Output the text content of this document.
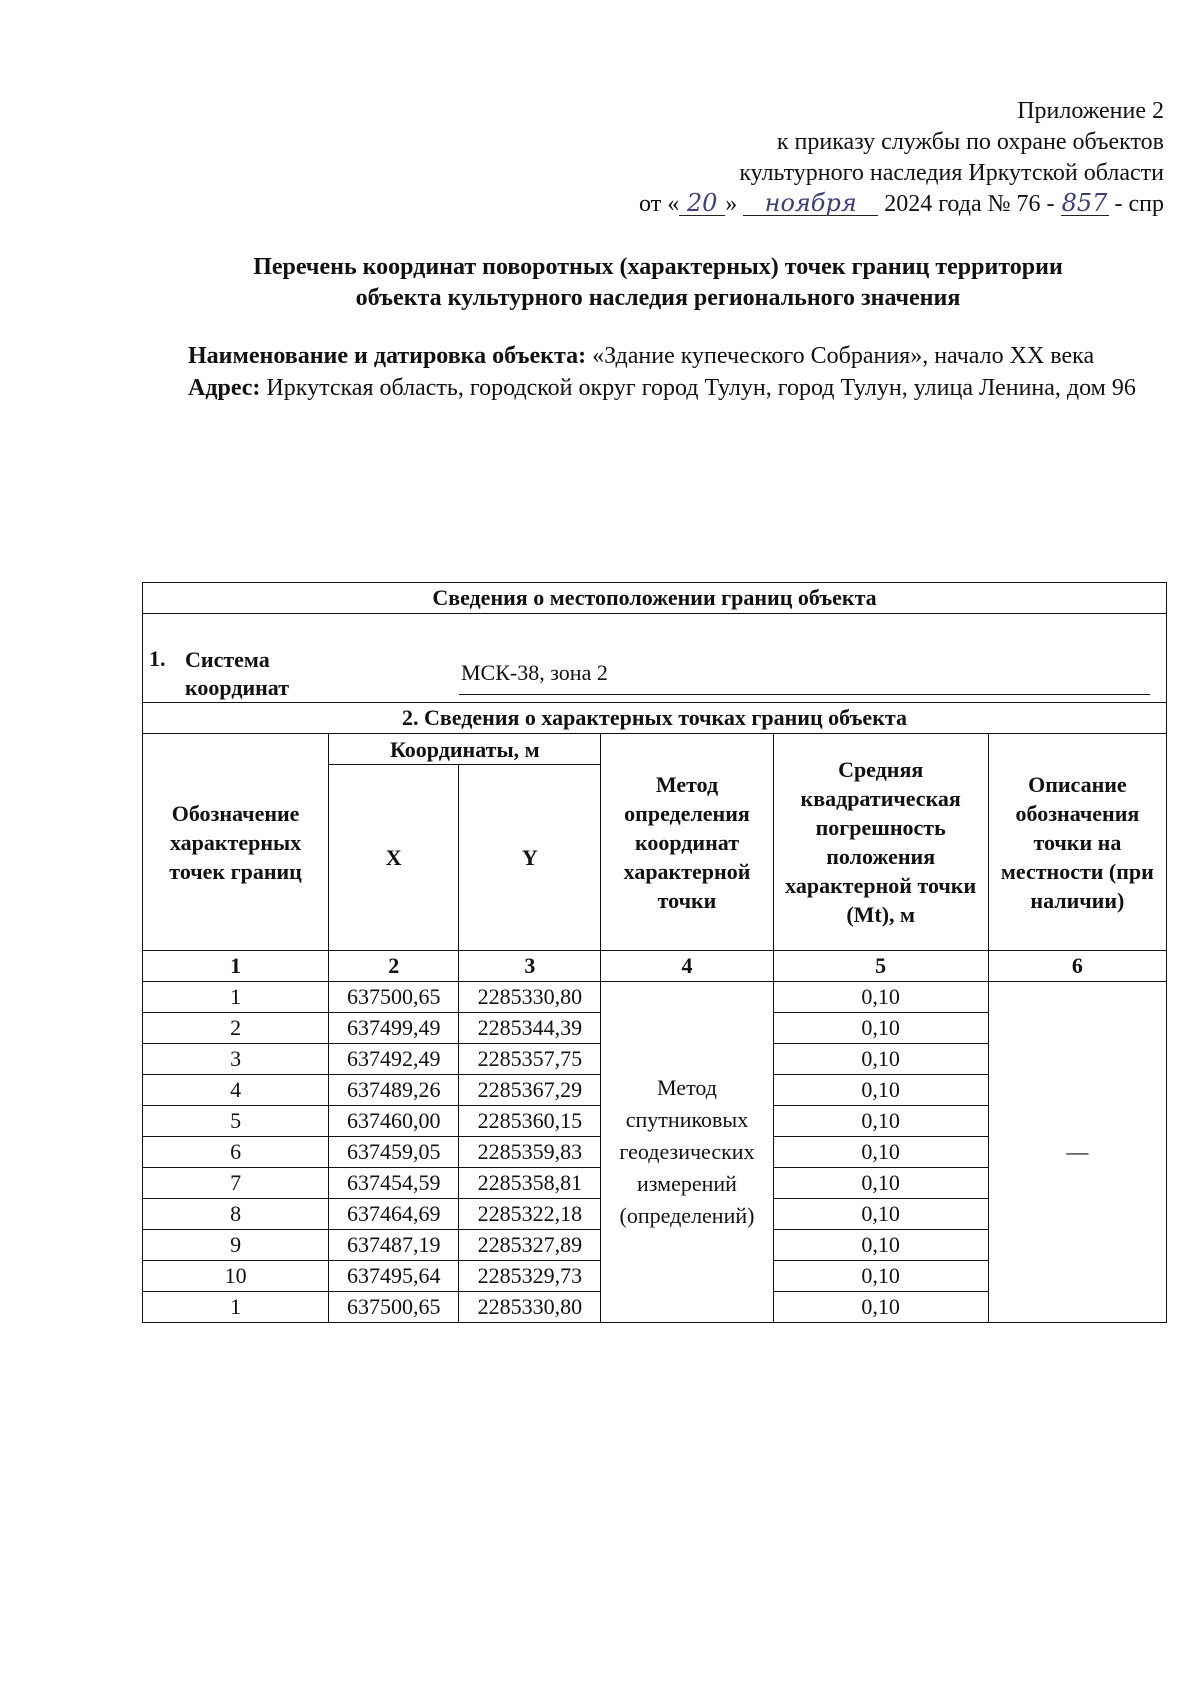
Приложение 2
к приказу службы по охране объектов
культурного наследия Иркутской области
от « 20 » ноября 2024 года № 76 - 857 - спр
Перечень координат поворотных (характерных) точек границ территории
объекта культурного наследия регионального значения

Наименование и датировка объекта: «Здание купеческого Собрания», начало XX века

Адрес: Иркутская область, городской округ город Тулун, город Тулун, улица Ленина, дом 96

Сведения о местоположении границ объекта					

1. Система координат
МСК-38, зона 2					

2. Сведения о характерных точках границ объекта					
Обозначение характерных точек границ	Координаты, м		Метод определения координат характерной точки	Средняя квадратическая погрешность положения характерной точки (Mt), м	Описание обозначения точки на местности (при наличии)
	X	Y			
1	2	3	4	5	6
1	637500,65	2285330,80	Метод спутниковых геодезических измерений (определений)	0,10	—
2	637499,49	2285344,39		0,10	
3	637492,49	2285357,75		0,10	
4	637489,26	2285367,29		0,10	
5	637460,00	2285360,15		0,10	
6	637459,05	2285359,83		0,10	
7	637454,59	2285358,81		0,10	
8	637464,69	2285322,18		0,10	
9	637487,19	2285327,89		0,10	
10	637495,64	2285329,73		0,10	
1	637500,65	2285330,80		0,10	
